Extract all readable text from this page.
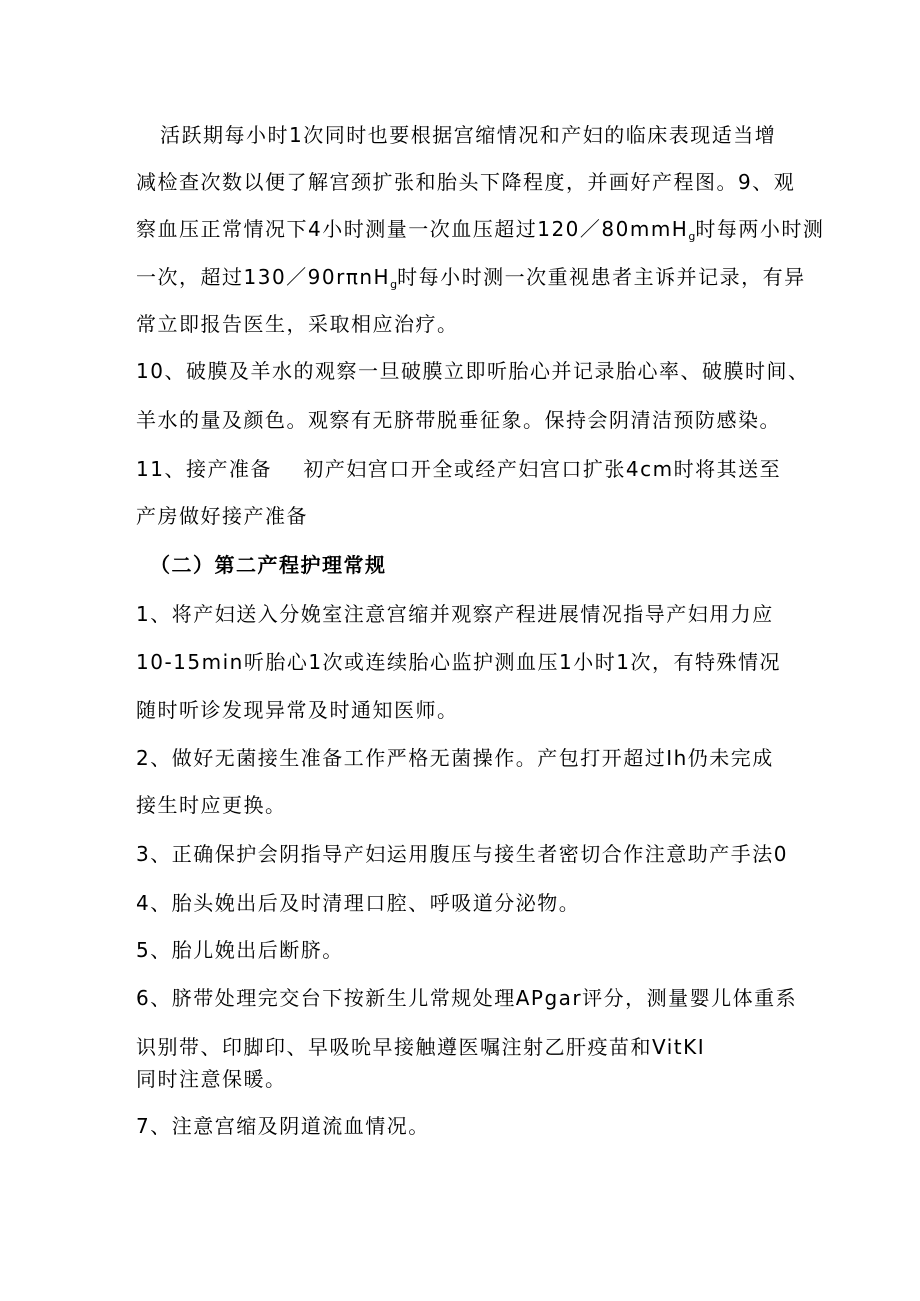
活跃期每小时1次同时也要根据宫缩情况和产妇的临床表现适当增
减检查次数以便了解宫颈扩张和胎头下降程度，并画好产程图。9、观
察血压正常情况下4小时测量一次血压超过120／80mmH$_g$时每两小时测
一次，超过130／90rπnH$_g$时每小时测一次重视患者主诉并记录，有异
常立即报告医生，采取相应治疗。
10、破膜及羊水的观察一旦破膜立即听胎心并记录胎心率、破膜时间、
羊水的量及颜色。观察有无脐带脱垂征象。保持会阴清洁预防感染。
11、接产准备    初产妇宫口开全或经产妇宫口扩张4cm时将其送至
产房做好接产准备
（二）第二产程护理常规
1、将产妇送入分娩室注意宫缩并观察产程进展情况指导产妇用力应
10-15min听胎心1次或连续胎心监护测血压1小时1次，有特殊情况
随时听诊发现异常及时通知医师。
2、做好无菌接生准备工作严格无菌操作。产包打开超过Ih仍未完成
接生时应更换。
3、正确保护会阴指导产妇运用腹压与接生者密切合作注意助产手法0
4、胎头娩出后及时清理口腔、呼吸道分泌物。
5、胎儿娩出后断脐。
6、脐带处理完交台下按新生儿常规处理APgar评分，测量婴儿体重系
识别带、印脚印、早吸吮早接触遵医嘱注射乙肝疫苗和VitKI
同时注意保暖。
7、注意宫缩及阴道流血情况。
